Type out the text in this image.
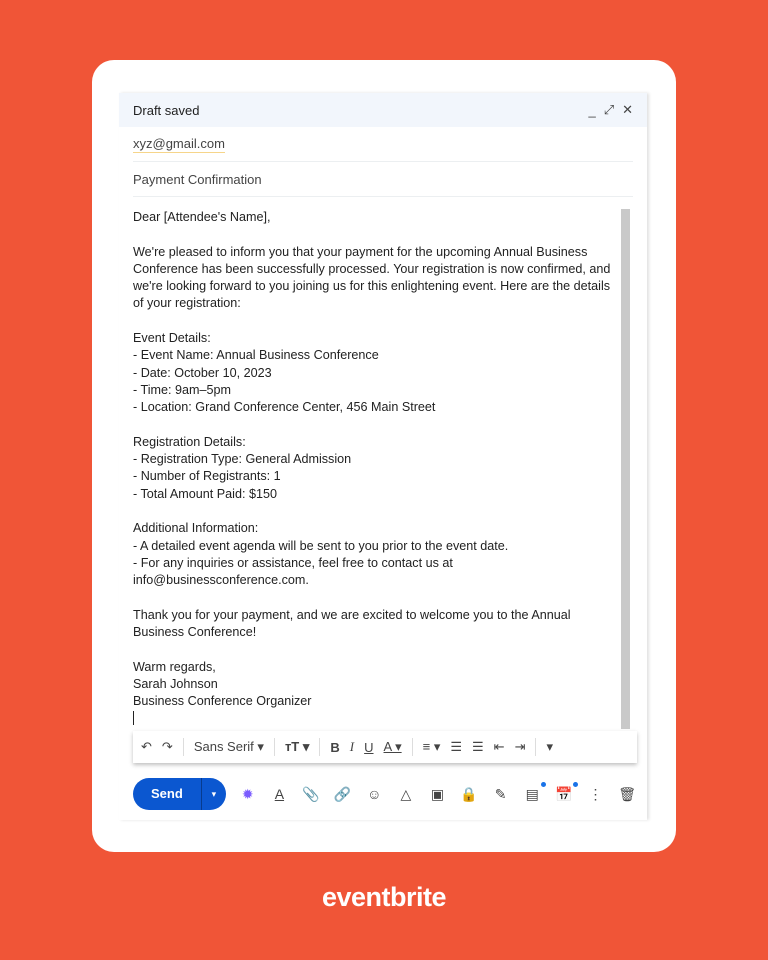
Draft saved	_ ⤢ ✕
xyz@gmail.com
Payment Confirmation

Dear [Attendee's Name],

We're pleased to inform you that your payment for the upcoming Annual Business Conference has been successfully processed. Your registration is now confirmed, and we're looking forward to you joining us for this enlightening event. Here are the details of your registration:

Event Details:
- Event Name: Annual Business Conference
- Date: October 10, 2023
- Time: 9am–5pm
- Location: Grand Conference Center, 456 Main Street

Registration Details:
- Registration Type: General Admission
- Number of Registrants: 1
- Total Amount Paid: $150

Additional Information:
- A detailed event agenda will be sent to you prior to the event date.
- For any inquiries or assistance, feel free to contact us at info@businessconference.com.

Thank you for your payment, and we are excited to welcome you to the Annual Business Conference!

Warm regards,
Sarah Johnson
Business Conference Organizer

↶ ↷ Sans Serif ▾ тT ▾ B I U A ▾ ≡ ▾ ☰ ☰ ⇤ ⇥ ▾
Send	▾	✹	A	📎 🔗 ☺	△	▣ 🔒 ✎ ▤ 📅 ⋮ 🗑
eventbrite
